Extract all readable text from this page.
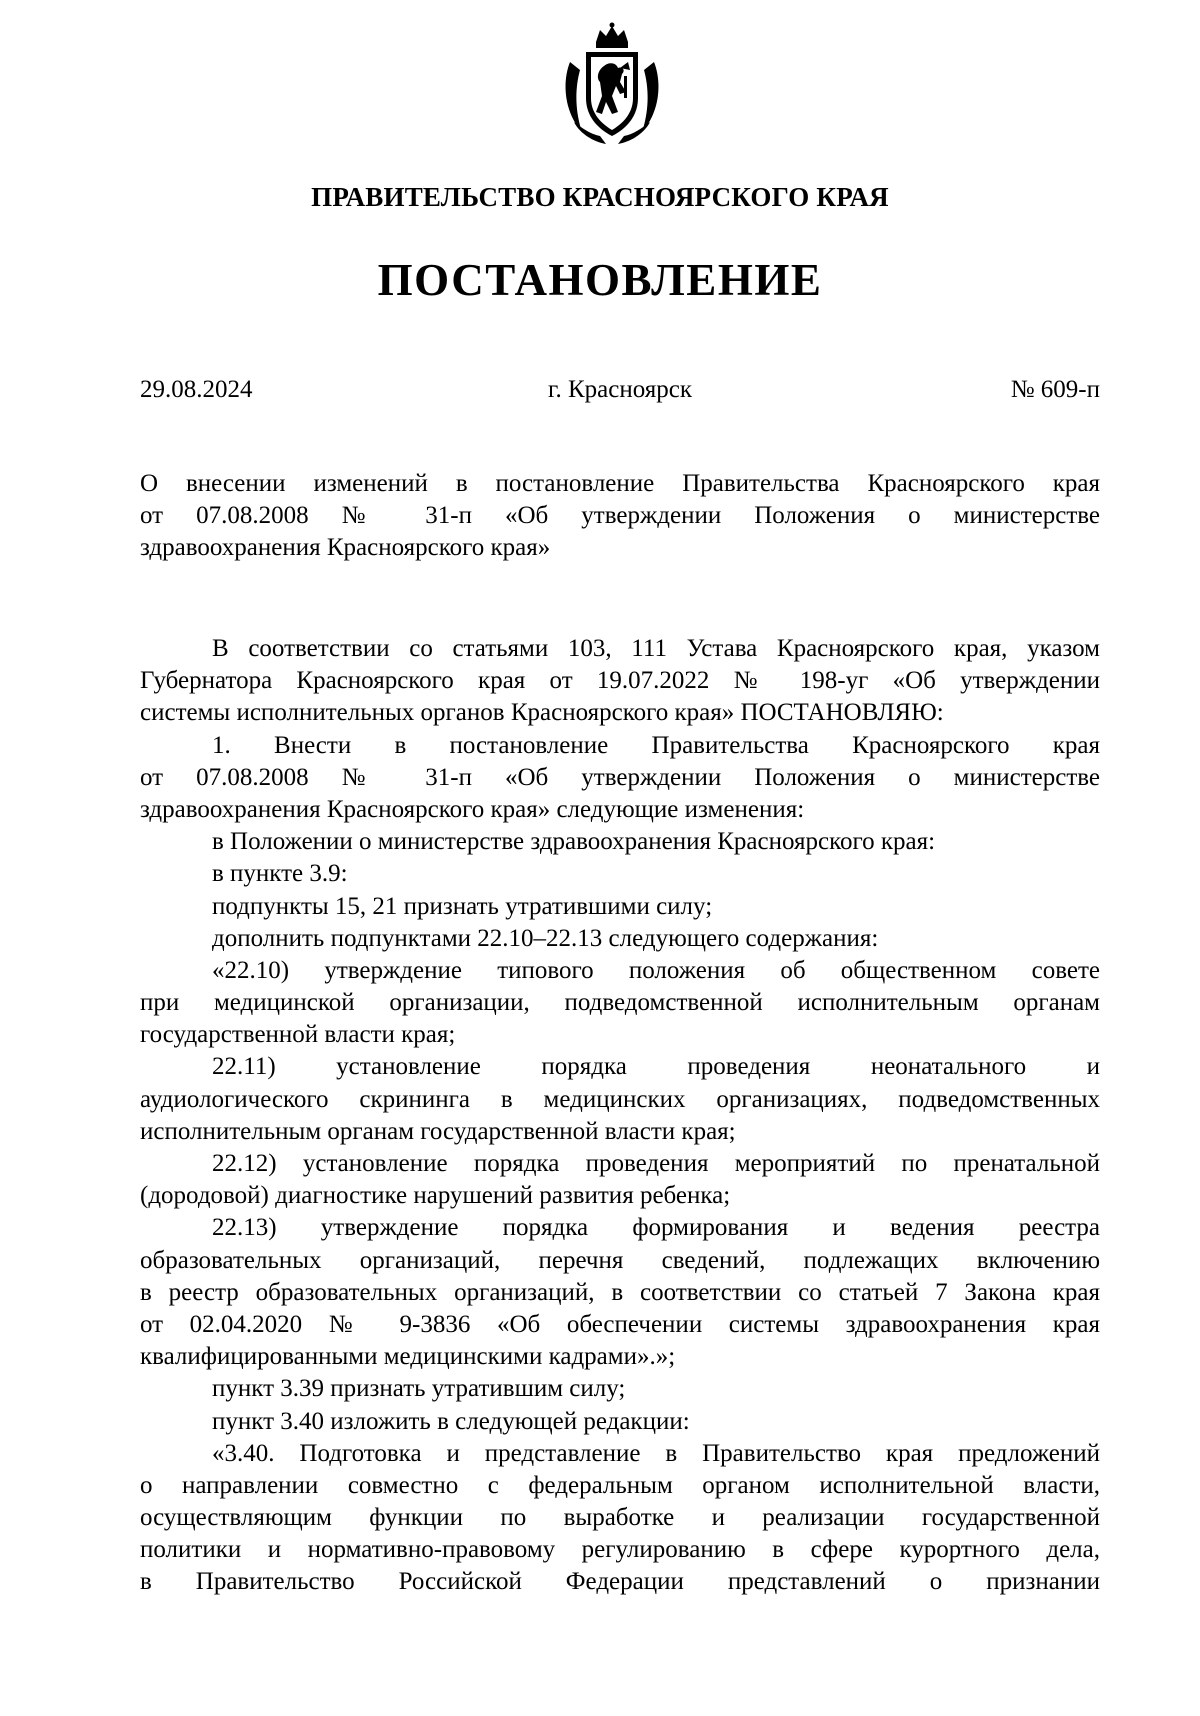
ПРАВИТЕЛЬСТВО КРАСНОЯРСКОГО КРАЯ
ПОСТАНОВЛЕНИЕ
29.08.2024	г. Красноярск	№ 609-п

О внесении изменений в постановление Правительства Красноярского края
от 07.08.2008 № 31-п «Об утверждении Положения о министерстве
здравоохранения Красноярского края»

В соответствии со статьями 103, 111 Устава Красноярского края, указом
Губернатора Красноярского края от 19.07.2022 № 198-уг «Об утверждении
системы исполнительных органов Красноярского края» ПОСТАНОВЛЯЮ:
1. Внести в постановление Правительства Красноярского края
от 07.08.2008 № 31-п «Об утверждении Положения о министерстве
здравоохранения Красноярского края» следующие изменения:
в Положении о министерстве здравоохранения Красноярского края:
в пункте 3.9:
подпункты 15, 21 признать утратившими силу;
дополнить подпунктами 22.10–22.13 следующего содержания:
«22.10) утверждение типового положения об общественном совете
при медицинской организации, подведомственной исполнительным органам
государственной власти края;
22.11) установление порядка проведения неонатального и
аудиологического скрининга в медицинских организациях, подведомственных
исполнительным органам государственной власти края;
22.12) установление порядка проведения мероприятий по пренатальной
(дородовой) диагностике нарушений развития ребенка;
22.13) утверждение порядка формирования и ведения реестра
образовательных организаций, перечня сведений, подлежащих включению
в реестр образовательных организаций, в соответствии со статьей 7 Закона края
от 02.04.2020 № 9-3836 «Об обеспечении системы здравоохранения края
квалифицированными медицинскими кадрами».»;
пункт 3.39 признать утратившим силу;
пункт 3.40 изложить в следующей редакции:
«3.40. Подготовка и представление в Правительство края предложений
о направлении совместно с федеральным органом исполнительной власти,
осуществляющим функции по выработке и реализации государственной
политики и нормативно-правовому регулированию в сфере курортного дела,
в Правительство Российской Федерации представлений о признании
